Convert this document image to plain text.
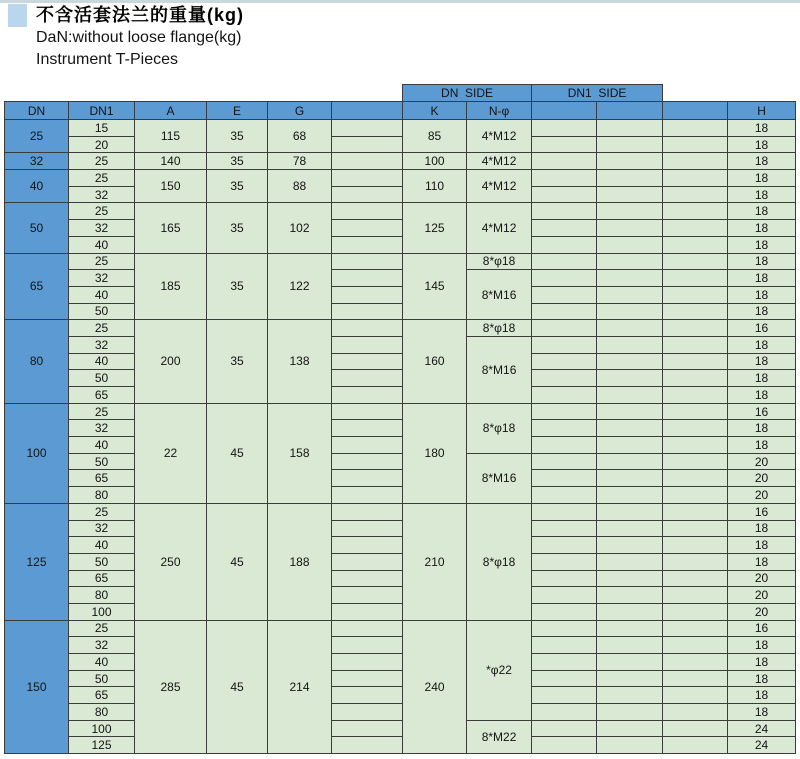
不含活套法兰的重量(kg)
DaN:without loose flange(kg)
Instrument T-Pieces
						DN  SIDE		DN1  SIDE			
DN	DN1	A	E	G		K	N-φ				H
25	15	115	35	68		85	4*M12				18
	20										18
32	25	140	35	78		100	4*M12				18
40	25	150	35	88		110	4*M12				18
	32										18
50	25	165	35	102		125	4*M12				18
	32										18
	40										18
65	25	185	35	122		145	8*φ18				18
	32						8*M16				18
	40										18
	50										18
80	25	200	35	138		160	8*φ18				16
	32						8*M16				18
	40										18
	50										18
	65										18
100	25	22	45	158		180	8*φ18				16
	32										18
	40										18
	50						8*M16				20
	65										20
	80										20
125	25	250	45	188		210	8*φ18				16
	32										18
	40										18
	50										18
	65										20
	80										20
	100										20
150	25	285	45	214		240	*φ22				16
	32										18
	40										18
	50										18
	65										18
	80										18
	100						8*M22				24
	125										24
